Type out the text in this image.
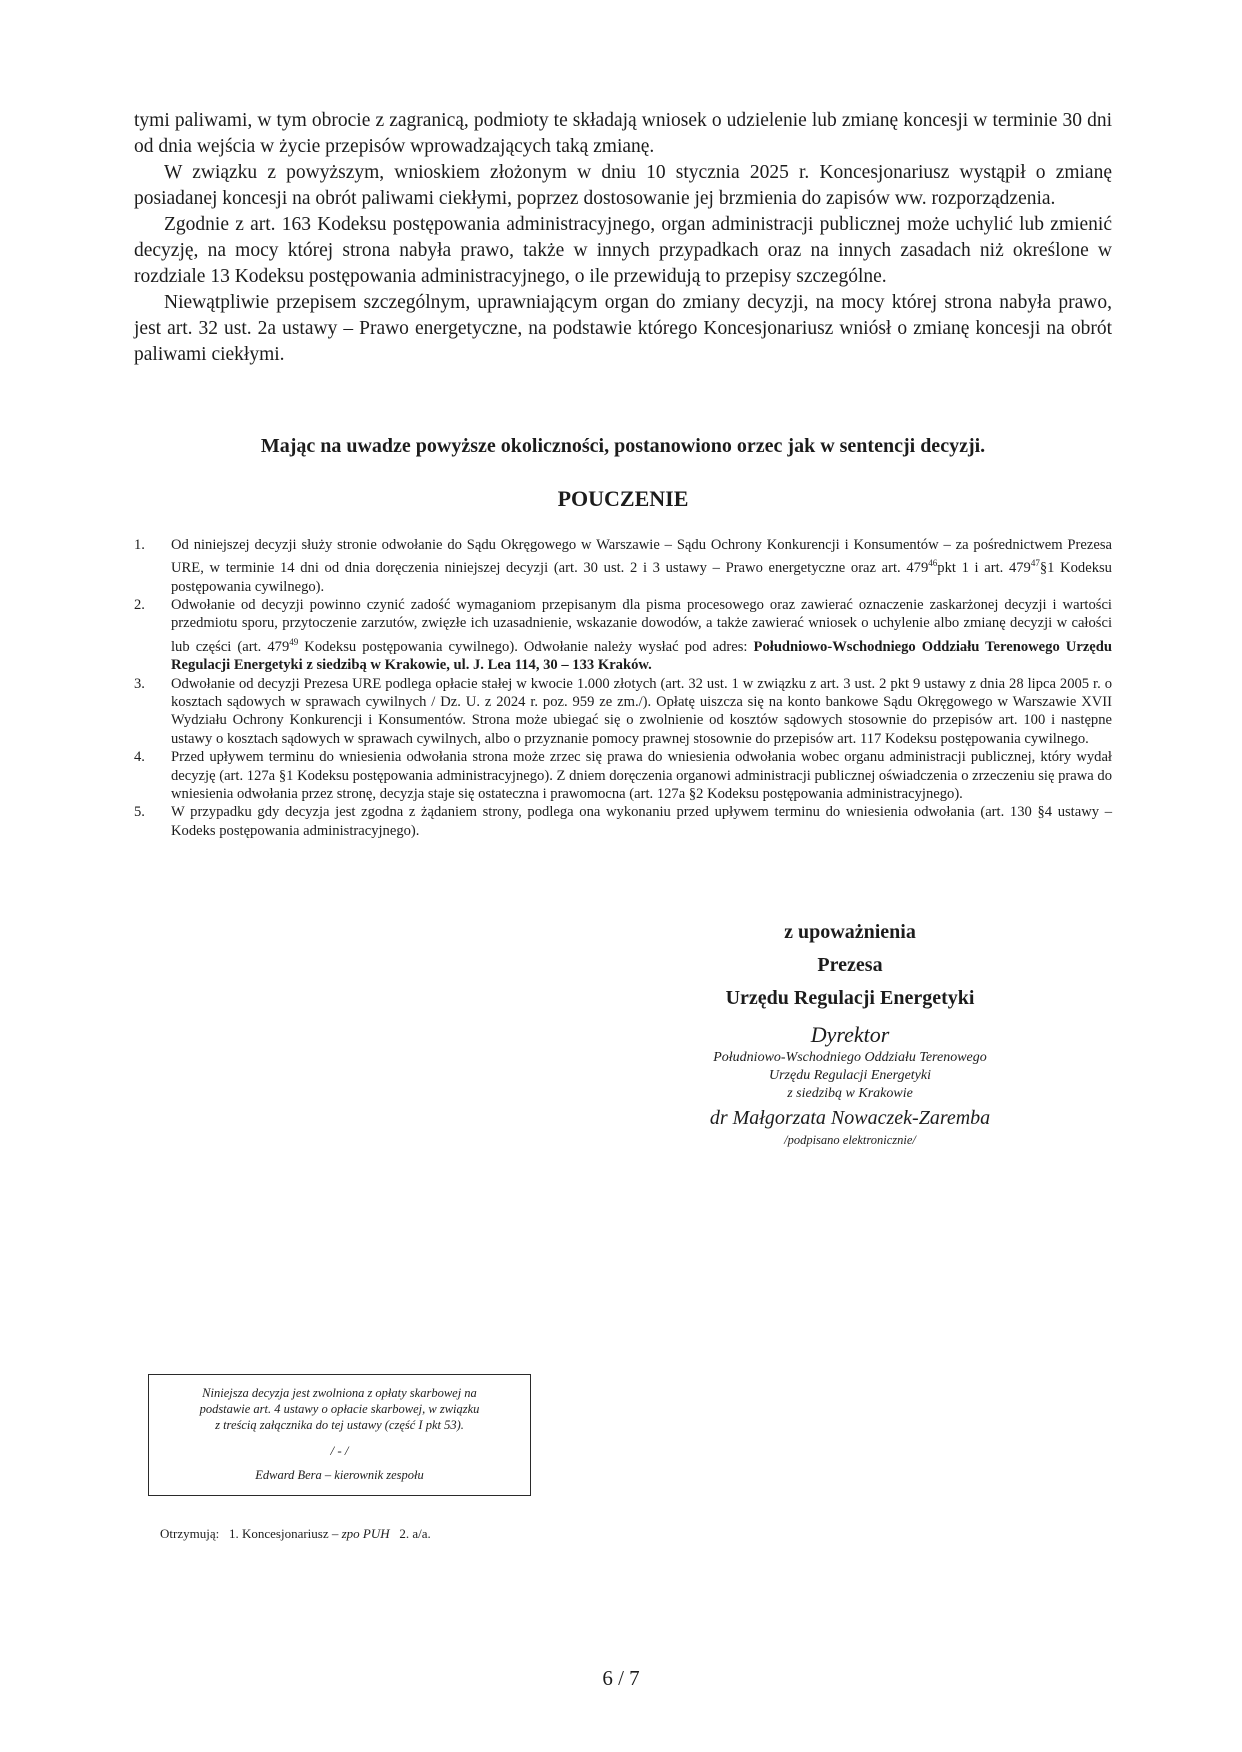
tymi paliwami, w tym obrocie z zagranicą, podmioty te składają wniosek o udzielenie lub zmianę koncesji w terminie 30 dni od dnia wejścia w życie przepisów wprowadzających taką zmianę.

W związku z powyższym, wnioskiem złożonym w dniu 10 stycznia 2025 r. Koncesjonariusz wystąpił o zmianę posiadanej koncesji na obrót paliwami ciekłymi, poprzez dostosowanie jej brzmienia do zapisów ww. rozporządzenia.

Zgodnie z art. 163 Kodeksu postępowania administracyjnego, organ administracji publicznej może uchylić lub zmienić decyzję, na mocy której strona nabyła prawo, także w innych przypadkach oraz na innych zasadach niż określone w rozdziale 13 Kodeksu postępowania administracyjnego, o ile przewidują to przepisy szczególne.

Niewątpliwie przepisem szczególnym, uprawniającym organ do zmiany decyzji, na mocy której strona nabyła prawo, jest art. 32 ust. 2a ustawy – Prawo energetyczne, na podstawie którego Koncesjonariusz wniósł o zmianę koncesji na obrót paliwami ciekłymi.

Mając na uwadze powyższe okoliczności, postanowiono orzec jak w sentencji decyzji.
POUCZENIE

1. Od niniejszej decyzji służy stronie odwołanie do Sądu Okręgowego w Warszawie – Sądu Ochrony Konkurencji i Konsumentów – za pośrednictwem Prezesa URE, w terminie 14 dni od dnia doręczenia niniejszej decyzji (art. 30 ust. 2 i 3 ustawy – Prawo energetyczne oraz art. $479^{46}pkt$ 1 i art. $479^{47}\S 1$ Kodeksu postępowania cywilnego).

2. Odwołanie od decyzji powinno czynić zadość wymaganiom przepisanym dla pisma procesowego oraz zawierać oznaczenie zaskarżonej decyzji i wartości przedmiotu sporu, przytoczenie zarzutów, zwięzłe ich uzasadnienie, wskazanie dowodów, a także zawierać wniosek o uchylenie albo zmianę decyzji w całości lub części (art. $479^{49}$ Kodeksu postępowania cywilnego). Odwołanie należy wysłać pod adres: Południowo-Wschodniego Oddziału Terenowego Urzędu Regulacji Energetyki z siedzibą w Krakowie, ul. J. Lea 114, 30 – 133 Kraków.

3. Odwołanie od decyzji Prezesa URE podlega opłacie stałej w kwocie 1.000 złotych (art. 32 ust. 1 w związku z art. 3 ust. 2 pkt 9 ustawy z dnia 28 lipca 2005 r. o kosztach sądowych w sprawach cywilnych / Dz. U. z 2024 r. poz. 959 ze zm./). Opłatę uiszcza się na konto bankowe Sądu Okręgowego w Warszawie XVII Wydziału Ochrony Konkurencji i Konsumentów. Strona może ubiegać się o zwolnienie od kosztów sądowych stosownie do przepisów art. 100 i następne ustawy o kosztach sądowych w sprawach cywilnych, albo o przyznanie pomocy prawnej stosownie do przepisów art. 117 Kodeksu postępowania cywilnego.

4. Przed upływem terminu do wniesienia odwołania strona może zrzec się prawa do wniesienia odwołania wobec organu administracji publicznej, który wydał decyzję (art. 127a §1 Kodeksu postępowania administracyjnego). Z dniem doręczenia organowi administracji publicznej oświadczenia o zrzeczeniu się prawa do wniesienia odwołania przez stronę, decyzja staje się ostateczna i prawomocna (art. 127a §2 Kodeksu postępowania administracyjnego).

5. W przypadku gdy decyzja jest zgodna z żądaniem strony, podlega ona wykonaniu przed upływem terminu do wniesienia odwołania (art. 130 §4 ustawy – Kodeks postępowania administracyjnego).

z upoważnienia
Prezesa
Urzędu Regulacji Energetyki
Dyrektor
Południowo-Wschodniego Oddziału Terenowego
Urzędu Regulacji Energetyki
z siedzibą w Krakowie
dr Małgorzata Nowaczek-Zaremba
/podpisano elektronicznie/
Niniejsza decyzja jest zwolniona z opłaty skarbowej na
podstawie art. 4 ustawy o opłacie skarbowej, w związku
z treścią załącznika do tej ustawy (część I pkt 53).
/ - /
Edward Bera – kierownik zespołu
Otrzymują: 1. Koncesjonariusz – zpo PUH 2. a/a.
6 / 7
